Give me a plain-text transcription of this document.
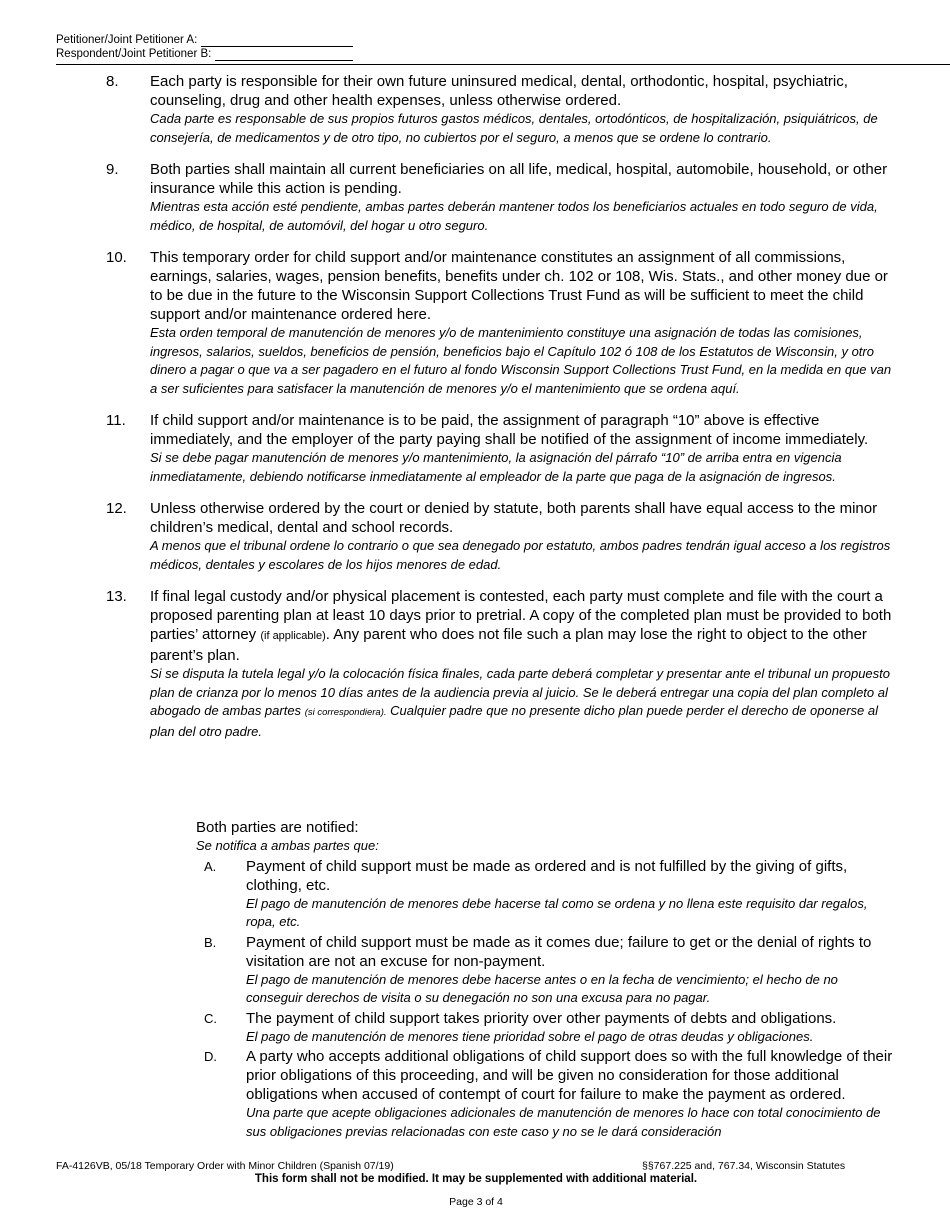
Petitioner/Joint Petitioner A:
Respondent/Joint Petitioner B:
8.	Each party is responsible for their own future uninsured medical, dental, orthodontic, hospital, psychiatric, counseling, drug and other health expenses, unless otherwise ordered.
Cada parte es responsable de sus propios futuros gastos médicos, dentales, ortodónticos, de hospitalización, psiquiátricos, de consejería, de medicamentos y de otro tipo, no cubiertos por el seguro, a menos que se ordene lo contrario.
9.	Both parties shall maintain all current beneficiaries on all life, medical, hospital, automobile, household, or other insurance while this action is pending.
Mientras esta acción esté pendiente, ambas partes deberán mantener todos los beneficiarios actuales en todo seguro de vida, médico, de hospital, de automóvil, del hogar u otro seguro.
10.	This temporary order for child support and/or maintenance constitutes an assignment of all commissions, earnings, salaries, wages, pension benefits, benefits under ch. 102 or 108, Wis. Stats., and other money due or to be due in the future to the Wisconsin Support Collections Trust Fund as will be sufficient to meet the child support and/or maintenance ordered here.
Esta orden temporal de manutención de menores y/o de mantenimiento constituye una asignación de todas las comisiones, ingresos, salarios, sueldos, beneficios de pensión, beneficios bajo el Capítulo 102 ó 108 de los Estatutos de Wisconsin, y otro dinero a pagar o que va a ser pagadero en el futuro al fondo Wisconsin Support Collections Trust Fund, en la medida en que van a ser suficientes para satisfacer la manutención de menores y/o el mantenimiento que se ordena aquí.
11.	If child support and/or maintenance is to be paid, the assignment of paragraph “10” above is effective immediately, and the employer of the party paying shall be notified of the assignment of income immediately.
Si se debe pagar manutención de menores y/o mantenimiento, la asignación del párrafo “10” de arriba entra en vigencia inmediatamente, debiendo notificarse inmediatamente al empleador de la parte que paga de la asignación de ingresos.
12.	Unless otherwise ordered by the court or denied by statute, both parents shall have equal access to the minor children’s medical, dental and school records.
A menos que el tribunal ordene lo contrario o que sea denegado por estatuto, ambos padres tendrán igual acceso a los registros médicos, dentales y escolares de los hijos menores de edad.
13.	If final legal custody and/or physical placement is contested, each party must complete and file with the court a proposed parenting plan at least 10 days prior to pretrial. A copy of the completed plan must be provided to both parties’ attorney (if applicable). Any parent who does not file such a plan may lose the right to object to the other parent’s plan.
Si se disputa la tutela legal y/o la colocación física finales, cada parte deberá completar y presentar ante el tribunal un propuesto plan de crianza por lo menos 10 días antes de la audiencia previa al juicio. Se le deberá entregar una copia del plan completo al abogado de ambas partes (si correspondiera). Cualquier padre que no presente dicho plan puede perder el derecho de oponerse al plan del otro padre.
Both parties are notified:
Se notifica a ambas partes que:
A.	Payment of child support must be made as ordered and is not fulfilled by the giving of gifts, clothing, etc.
El pago de manutención de menores debe hacerse tal como se ordena y no llena este requisito dar regalos, ropa, etc.
B.	Payment of child support must be made as it comes due; failure to get or the denial of rights to visitation are not an excuse for non-payment.
El pago de manutención de menores debe hacerse antes o en la fecha de vencimiento; el hecho de no conseguir derechos de visita o su denegación no son una excusa para no pagar.
C.	The payment of child support takes priority over other payments of debts and obligations.
El pago de manutención de menores tiene prioridad sobre el pago de otras deudas y obligaciones.
D.	A party who accepts additional obligations of child support does so with the full knowledge of their prior obligations of this proceeding, and will be given no consideration for those additional obligations when accused of contempt of court for failure to make the payment as ordered.
Una parte que acepte obligaciones adicionales de manutención de menores lo hace con total conocimiento de sus obligaciones previas relacionadas con este caso y no se le dará consideración
FA-4126VB, 05/18 Temporary Order with Minor Children (Spanish 07/19)	§§767.225 and, 767.34, Wisconsin Statutes
This form shall not be modified. It may be supplemented with additional material.
Page 3 of 4
